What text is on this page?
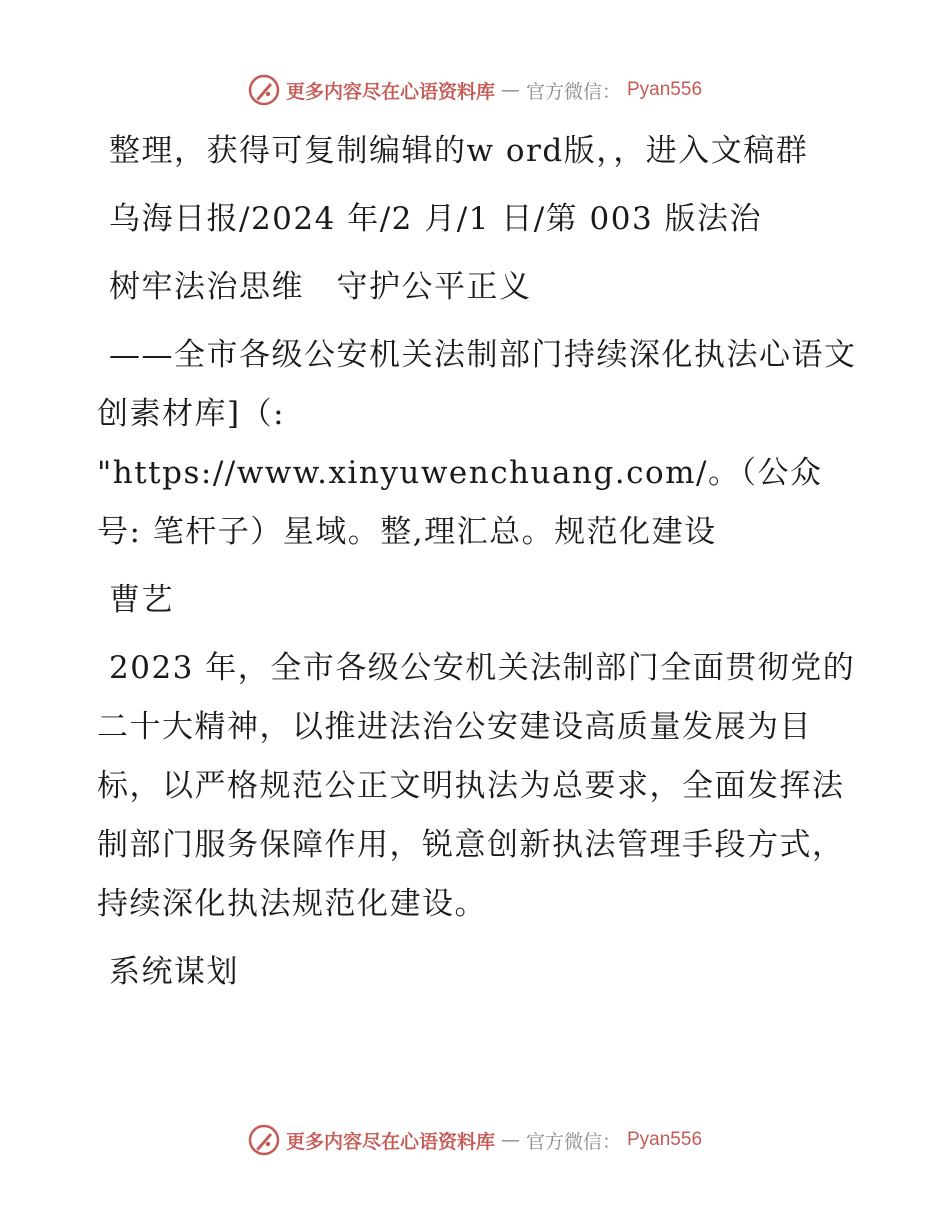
更多内容尽在心语资料库 — 官方微信： Pyan556

整理，获得可复制编辑的w ord版，，进入文稿群

乌海日报/2024 年/2 月/1 日/第 003 版法治

树牢法治思维　守护公平正义

——全市各级公安机关法制部门持续深化执法心语文创素材库]（: "https://www.xinyuwenchuang.com/。（公众号: 笔杆子）星域。整,理汇总。规范化建设

曹艺

2023 年，全市各级公安机关法制部门全面贯彻党的二十大精神，以推进法治公安建设高质量发展为目标，以严格规范公正文明执法为总要求，全面发挥法制部门服务保障作用，锐意创新执法管理手段方式，持续深化执法规范化建设。

系统谋划

更多内容尽在心语资料库 — 官方微信： Pyan556
